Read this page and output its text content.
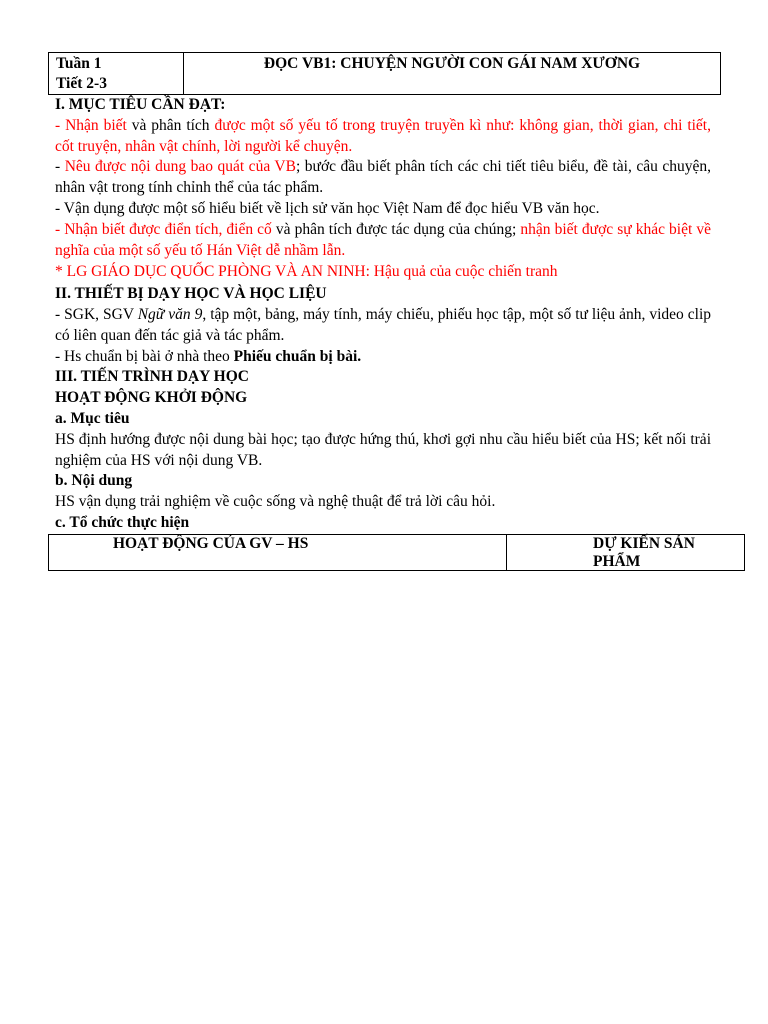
Tuần 1
Tiết 2-3
ĐỌC VB1: CHUYỆN NGƯỜI CON GÁI NAM XƯƠNG

I. MỤC TIÊU CẦN ĐẠT:

- Nhận biết và phân tích được một số yếu tố trong truyện truyền kì như: không gian, thời gian, chi tiết, cốt truyện, nhân vật chính, lời người kể chuyện.

- Nêu được nội dung bao quát của VB; bước đầu biết phân tích các chi tiết tiêu biểu, đề tài, câu chuyện, nhân vật trong tính chỉnh thể của tác phẩm.

- Vận dụng được một số hiểu biết về lịch sử văn học Việt Nam để đọc hiểu VB văn học.

- Nhận biết được điển tích, điển cố và phân tích được tác dụng của chúng; nhận biết được sự khác biệt về nghĩa của một số yếu tố Hán Việt dễ nhầm lẫn.

* LG GIÁO DỤC QUỐC PHÒNG VÀ AN NINH: Hậu quả của cuộc chiến tranh

II. THIẾT BỊ DẠY HỌC VÀ HỌC LIỆU

- SGK, SGV Ngữ văn 9, tập một, bảng, máy tính, máy chiếu, phiếu học tập, một số tư liệu ảnh, video clip có liên quan đến tác giả và tác phẩm.

- Hs chuẩn bị bài ở nhà theo Phiếu chuẩn bị bài.

III. TIẾN TRÌNH DẠY HỌC

HOẠT ĐỘNG KHỞI ĐỘNG

a. Mục tiêu

HS định hướng được nội dung bài học; tạo được hứng thú, khơi gợi nhu cầu hiểu biết của HS; kết nối trải nghiệm của HS với nội dung VB.

b. Nội dung

HS vận dụng trải nghiệm về cuộc sống và nghệ thuật để trả lời câu hỏi.

c. Tổ chức thực hiện

HOẠT ĐỘNG CỦA GV – HS	DỰ KIẾN SẢN PHẨM
